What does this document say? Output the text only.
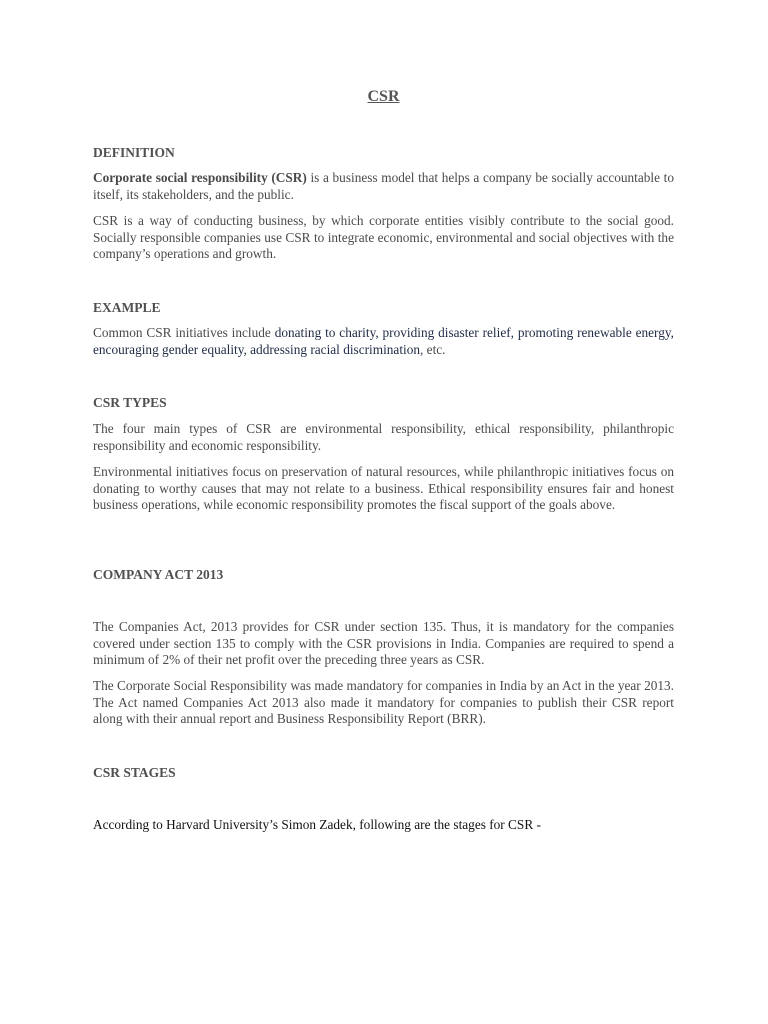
CSR
DEFINITION
Corporate social responsibility (CSR) is a business model that helps a company be socially accountable to itself, its stakeholders, and the public.
CSR is a way of conducting business, by which corporate entities visibly contribute to the social good. Socially responsible companies use CSR to integrate economic, environmental and social objectives with the company’s operations and growth.
EXAMPLE
Common CSR initiatives include donating to charity, providing disaster relief, promoting renewable energy, encouraging gender equality, addressing racial discrimination, etc.
CSR TYPES
The four main types of CSR are environmental responsibility, ethical responsibility, philanthropic responsibility and economic responsibility.
Environmental initiatives focus on preservation of natural resources, while philanthropic initiatives focus on donating to worthy causes that may not relate to a business. Ethical responsibility ensures fair and honest business operations, while economic responsibility promotes the fiscal support of the goals above.
COMPANY ACT 2013
The Companies Act, 2013 provides for CSR under section 135. Thus, it is mandatory for the companies covered under section 135 to comply with the CSR provisions in India. Companies are required to spend a minimum of 2% of their net profit over the preceding three years as CSR.
The Corporate Social Responsibility was made mandatory for companies in India by an Act in the year 2013. The Act named Companies Act 2013 also made it mandatory for companies to publish their CSR report along with their annual report and Business Responsibility Report (BRR).
CSR STAGES
According to Harvard University’s Simon Zadek, following are the stages for CSR -
